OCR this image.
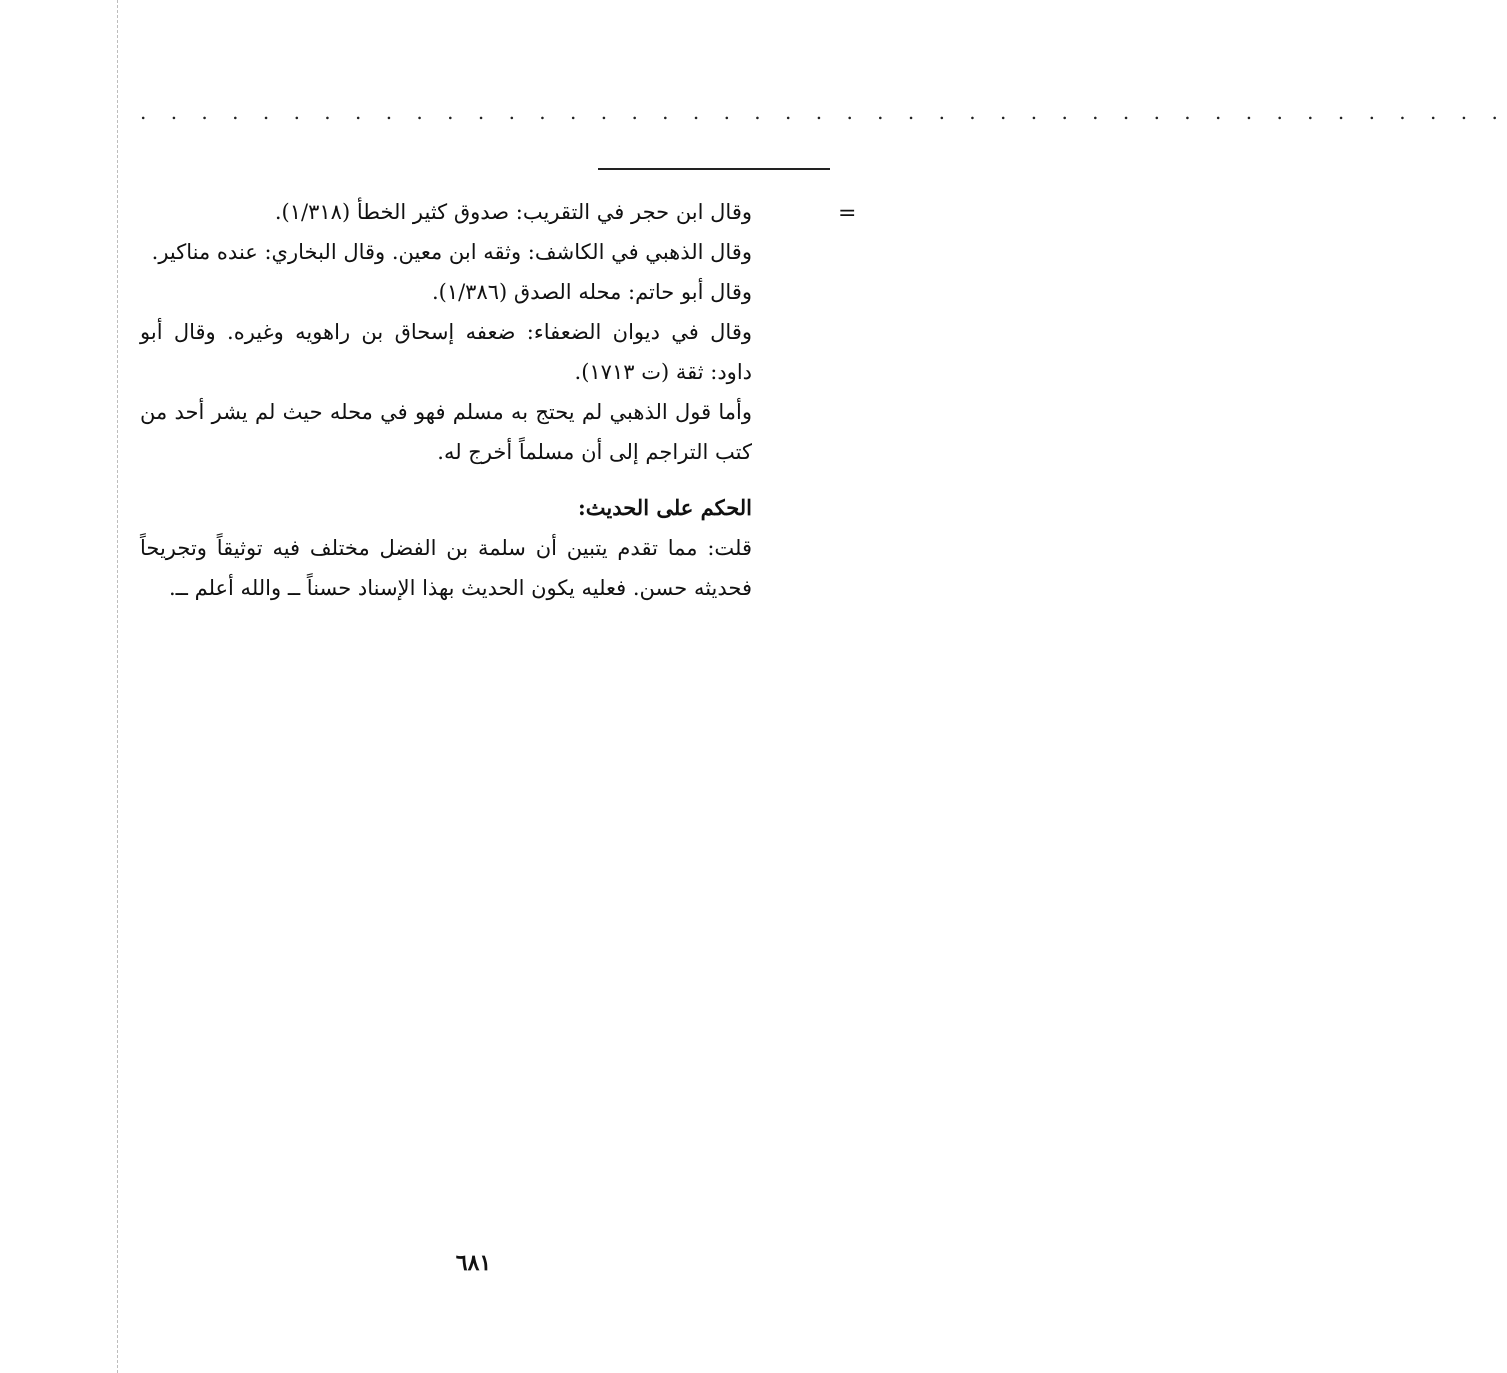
. . . . . . . . . . . . . . . . . . . . . . . . . . . . . . . . . . . . . . . . . . . . .
=

وقال ابن حجر في التقريب: صدوق كثير الخطأ (١/٣١٨).

وقال الذهبي في الكاشف: وثقه ابن معين. وقال البخاري: عنده مناكير.

وقال أبو حاتم: محله الصدق (١/٣٨٦).

وقال في ديوان الضعفاء: ضعفه إسحاق بن راهويه وغيره. وقال أبو داود: ثقة (ت ١٧١٣).

وأما قول الذهبي لم يحتج به مسلم فهو في محله حيث لم يشر أحد من كتب التراجم إلى أن مسلماً أخرج له.

الحكم على الحديث:

قلت: مما تقدم يتبين أن سلمة بن الفضل مختلف فيه توثيقاً وتجريحاً فحديثه حسن. فعليه يكون الحديث بهذا الإسناد حسناً ــ والله أعلم ــ.

٦٨١
